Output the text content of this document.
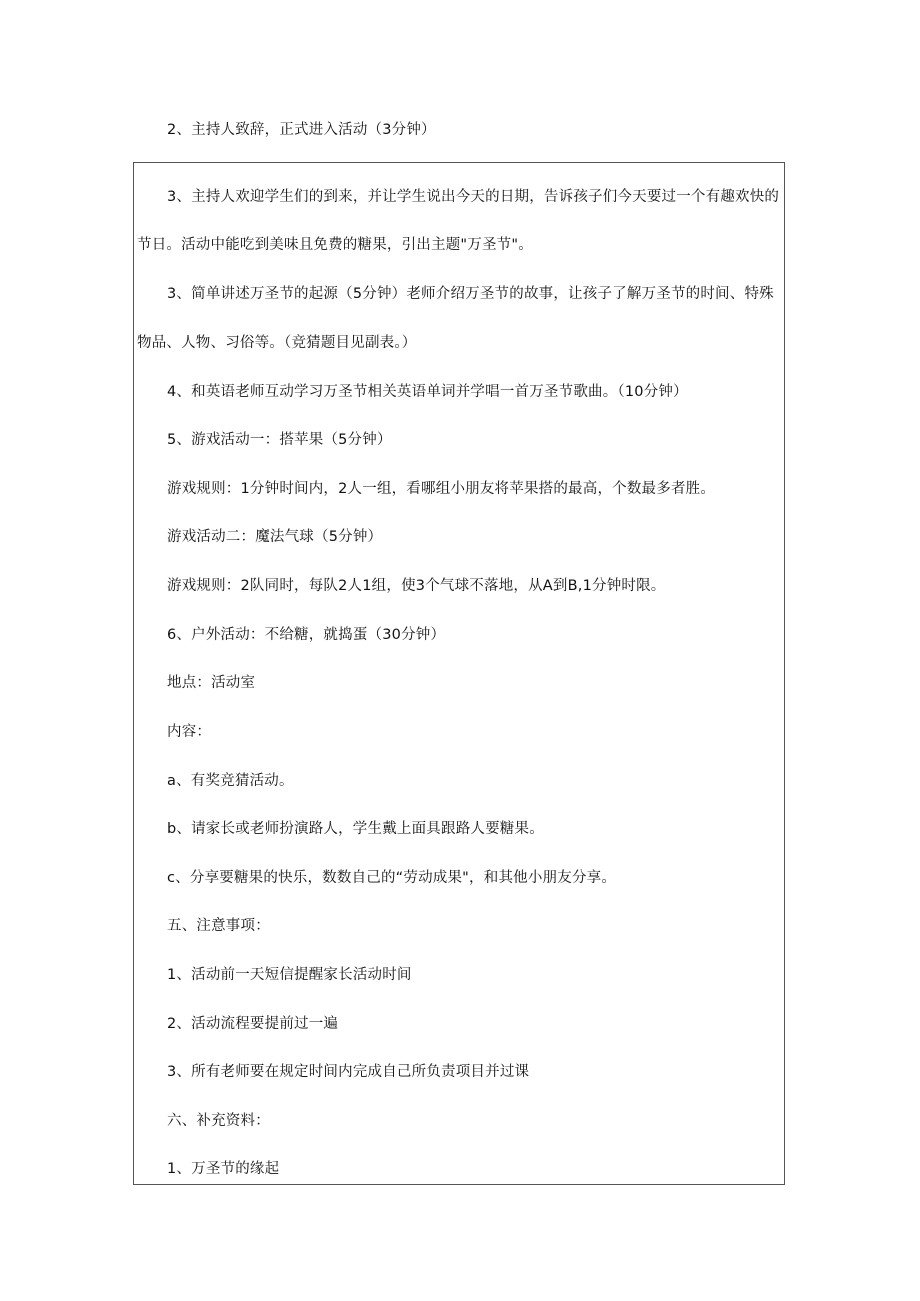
2、主持人致辞，正式进入活动（3分钟）
3、主持人欢迎学生们的到来，并让学生说出今天的日期，告诉孩子们今天要过一个有趣欢快的
节日。活动中能吃到美味且免费的糖果，引出主题"万圣节"。
3、简单讲述万圣节的起源（5分钟）老师介绍万圣节的故事，让孩子了解万圣节的时间、特殊
物品、人物、习俗等。（竞猜题目见副表。）
4、和英语老师互动学习万圣节相关英语单词并学唱一首万圣节歌曲。（10分钟）
5、游戏活动一：搭苹果（5分钟）
游戏规则：1分钟时间内，2人一组，看哪组小朋友将苹果搭的最高，个数最多者胜。
游戏活动二：魔法气球（5分钟）
游戏规则：2队同时，每队2人1组，使3个气球不落地，从A到B,1分钟时限。
6、户外活动：不给糖，就捣蛋（30分钟）
地点：活动室
内容：
a、有奖竞猜活动。
b、请家长或老师扮演路人，学生戴上面具跟路人要糖果。
c、分享要糖果的快乐，数数自己的“劳动成果"，和其他小朋友分享。
五、注意事项：
1、活动前一天短信提醒家长活动时间
2、活动流程要提前过一遍
3、所有老师要在规定时间内完成自己所负责项目并过课
六、补充资料：
1、万圣节的缘起
